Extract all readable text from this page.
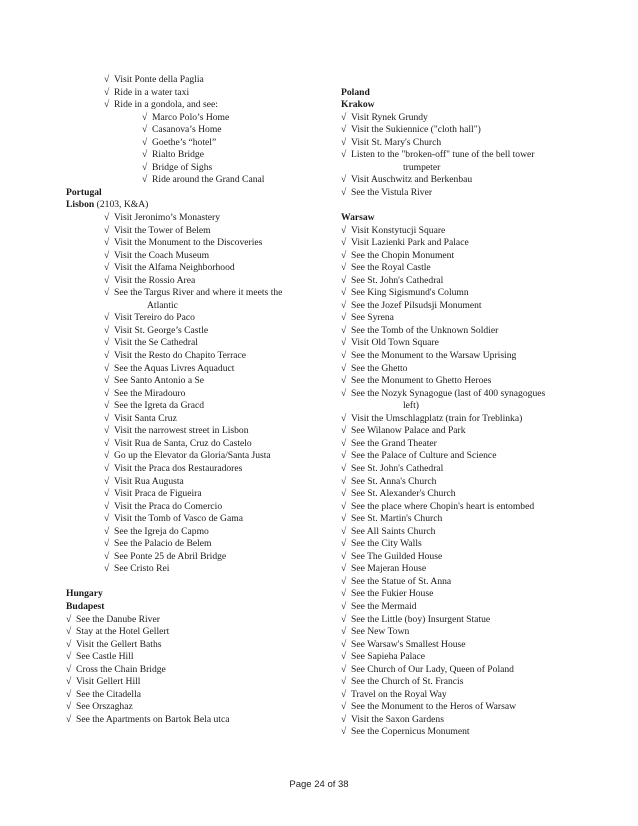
√ Visit Ponte della Paglia
√ Ride in a water taxi
√ Ride in a gondola, and see:
√ Marco Polo’s Home
√ Casanova’s Home
√ Goethe’s “hotel”
√ Rialto Bridge
√ Bridge of Sighs
√ Ride around the Grand Canal
Portugal
Lisbon (2103, K&A)
√ Visit Jeronimo’s Monastery
√ Visit the Tower of Belem
√ Visit the Monument to the Discoveries
√ Visit the Coach Museum
√ Visit the Alfama Neighborhood
√ Visit the Rossio Area
√ See the Targus River and where it meets the
Atlantic
√ Visit Tereiro do Paco
√ Visit St. George’s Castle
√ Visit the Se Cathedral
√ Visit the Resto do Chapito Terrace
√ See the Aquas Livres Aquaduct
√ See Santo Antonio a Se
√ See the Miradouro
√ See the Igreta da Gracd
√ Visit Santa Cruz
√ Visit the narrowest street in Lisbon
√ Visit Rua de Santa, Cruz do Castelo
√ Go up the Elevator da Gloria/Santa Justa
√ Visit the Praca dos Restauradores
√ Visit Rua Augusta
√ Visit Praca de Figueira
√ Visit the Praca do Comercio
√ Visit the Tomb of Vasco de Gama
√ See the Igreja do Capmo
√ See the Palacio de Belem
√ See Ponte 25 de Abril Bridge
√ See Cristo Rei
Hungary
Budapest
√ See the Danube River
√ Stay at the Hotel Gellert
√ Visit the Gellert Baths
√ See Castle Hill
√ Cross the Chain Bridge
√ Visit Gellert Hill
√ See the Citadella
√ See Orszaghaz
√ See the Apartments on Bartok Bela utca
Poland
Krakow
√ Visit Rynek Grundy
√ Visit the Sukiennice ("cloth hall")
√ Visit St. Mary's Church
√ Listen to the "broken-off" tune of the bell tower
trumpeter
√ Visit Auschwitz and Berkenbau
√ See the Vistula River
Warsaw
√ Visit Konstytucji Square
√ Visit Lazienki Park and Palace
√ See the Chopin Monument
√ See the Royal Castle
√ See St. John's Cathedral
√ See King Sigismund's Column
√ See the Jozef Pilsudsji Monument
√ See Syrena
√ See the Tomb of the Unknown Soldier
√ Visit Old Town Square
√ See the Monument to the Warsaw Uprising
√ See the Ghetto
√ See the Monument to Ghetto Heroes
√ See the Nozyk Synagogue (last of 400 synagogues
left)
√ Visit the Umschlagplatz (train for Treblinka)
√ See Wilanow Palace and Park
√ See the Grand Theater
√ See the Palace of Culture and Science
√ See St. John's Cathedral
√ See St. Anna's Church
√ See St. Alexander's Church
√ See the place where Chopin's heart is entombed
√ See St. Martin's Church
√ See All Saints Church
√ See the City Walls
√ See The Guilded House
√ See Majeran House
√ See the Statue of St. Anna
√ See the Fukier House
√ See the Mermaid
√ See the Little (boy) Insurgent Statue
√ See New Town
√ See Warsaw's Smallest House
√ See Sapieha Palace
√ See Church of Our Lady, Queen of Poland
√ See the Church of St. Francis
√ Travel on the Royal Way
√ See the Monument to the Heros of Warsaw
√ Visit the Saxon Gardens
√ See the Copernicus Monument
Page 24 of 38
